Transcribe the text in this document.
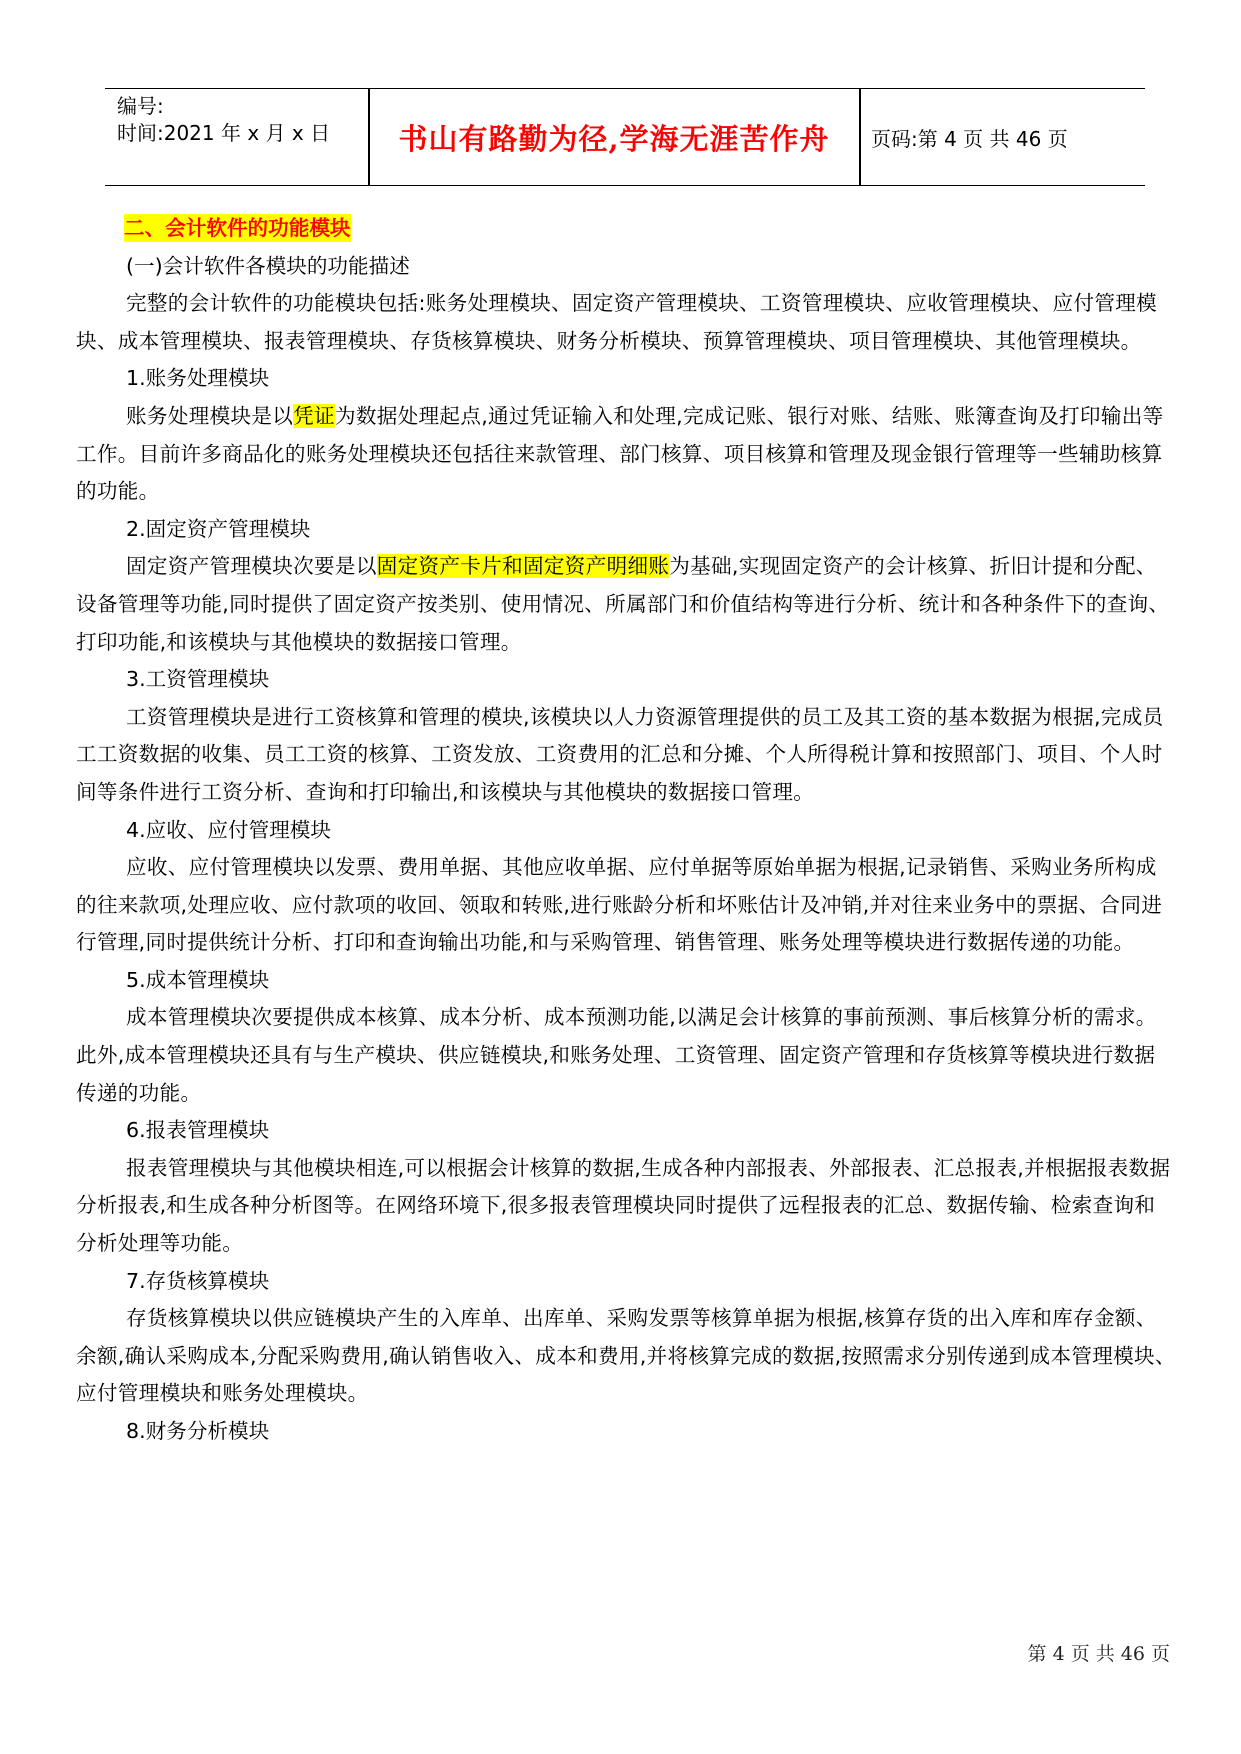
编号:
时间:2021 年 x 月 x 日	书山有路勤为径,学海无涯苦作舟	页码:第 4 页 共 46 页
二、会计软件的功能模块

(一)会计软件各模块的功能描述

完整的会计软件的功能模块包括:账务处理模块、固定资产管理模块、工资管理模块、应收管理模块、应付管理模块、成本管理模块、报表管理模块、存货核算模块、财务分析模块、预算管理模块、项目管理模块、其他管理模块。

1.账务处理模块

账务处理模块是以凭证为数据处理起点,通过凭证输入和处理,完成记账、银行对账、结账、账簿查询及打印输出等工作。目前许多商品化的账务处理模块还包括往来款管理、部门核算、项目核算和管理及现金银行管理等一些辅助核算的功能。

2.固定资产管理模块

固定资产管理模块次要是以固定资产卡片和固定资产明细账为基础,实现固定资产的会计核算、折旧计提和分配、设备管理等功能,同时提供了固定资产按类别、使用情况、所属部门和价值结构等进行分析、统计和各种条件下的查询、打印功能,和该模块与其他模块的数据接口管理。

3.工资管理模块

工资管理模块是进行工资核算和管理的模块,该模块以人力资源管理提供的员工及其工资的基本数据为根据,完成员工工资数据的收集、员工工资的核算、工资发放、工资费用的汇总和分摊、个人所得税计算和按照部门、项目、个人时间等条件进行工资分析、查询和打印输出,和该模块与其他模块的数据接口管理。

4.应收、应付管理模块

应收、应付管理模块以发票、费用单据、其他应收单据、应付单据等原始单据为根据,记录销售、采购业务所构成的往来款项,处理应收、应付款项的收回、领取和转账,进行账龄分析和坏账估计及冲销,并对往来业务中的票据、合同进行管理,同时提供统计分析、打印和查询输出功能,和与采购管理、销售管理、账务处理等模块进行数据传递的功能。

5.成本管理模块

成本管理模块次要提供成本核算、成本分析、成本预测功能,以满足会计核算的事前预测、事后核算分析的需求。此外,成本管理模块还具有与生产模块、供应链模块,和账务处理、工资管理、固定资产管理和存货核算等模块进行数据传递的功能。

6.报表管理模块

报表管理模块与其他模块相连,可以根据会计核算的数据,生成各种内部报表、外部报表、汇总报表,并根据报表数据分析报表,和生成各种分析图等。在网络环境下,很多报表管理模块同时提供了远程报表的汇总、数据传输、检索查询和分析处理等功能。

7.存货核算模块

存货核算模块以供应链模块产生的入库单、出库单、采购发票等核算单据为根据,核算存货的出入库和库存金额、余额,确认采购成本,分配采购费用,确认销售收入、成本和费用,并将核算完成的数据,按照需求分别传递到成本管理模块、应付管理模块和账务处理模块。

8.财务分析模块

第 4 页 共 46 页
